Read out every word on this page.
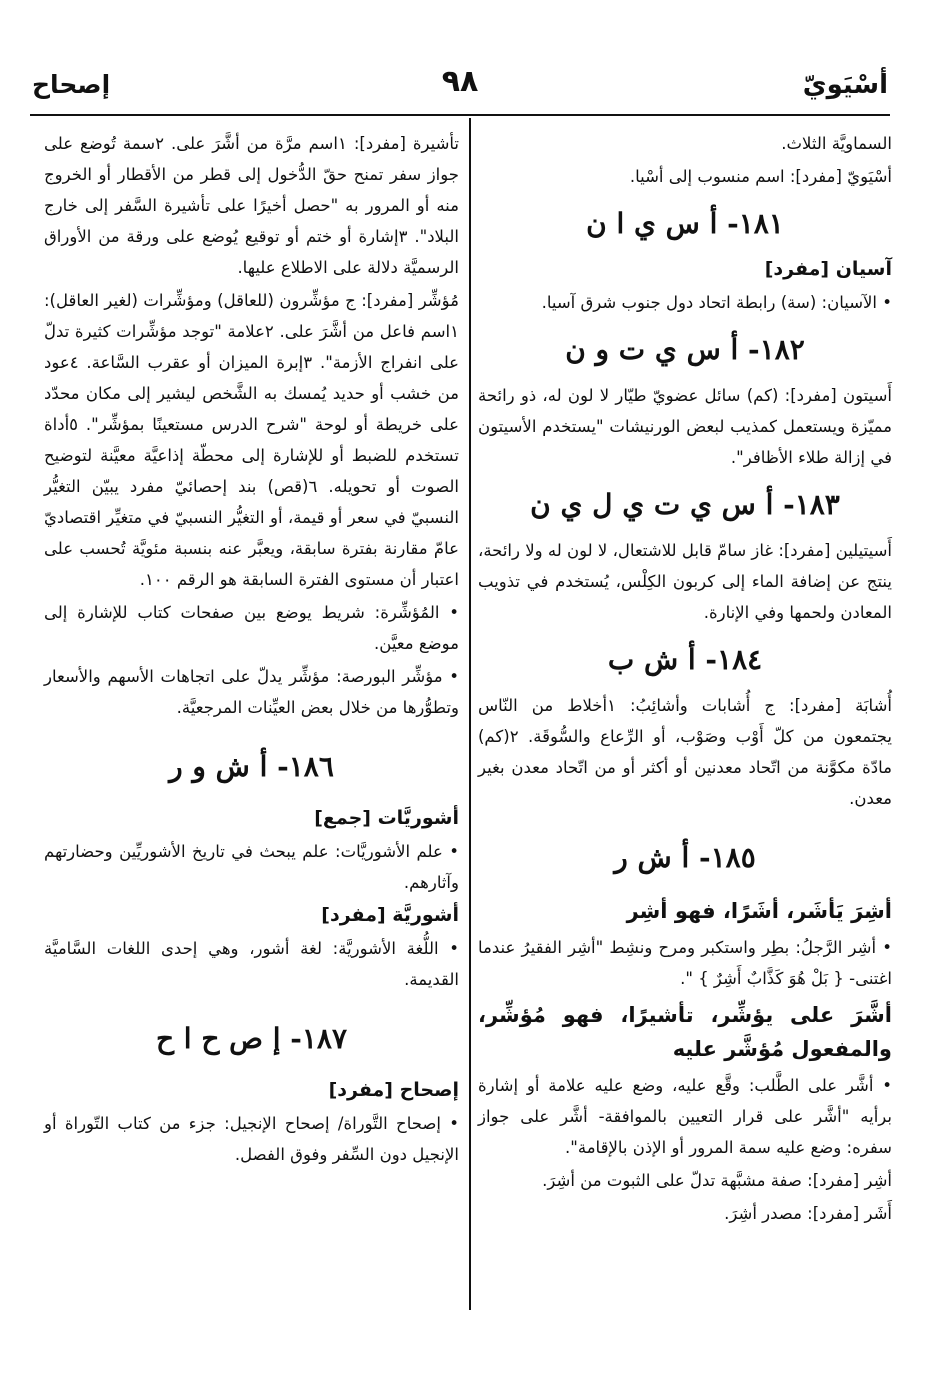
أسْيَويّ
٩٨
إصحاح
السماويَّة الثلاث.
أسْيَويّ [مفرد]: اسم منسوب إلى أسْيا.
١٨١- أ س ي ا ن
آسيان [مفرد]
• الآسيان: (سة) رابطة اتحاد دول جنوب شرق آسيا.
١٨٢- أ س ي ت و ن
أَسيتون [مفرد]: (كم) سائل عضويّ طيّار لا لون له، ذو رائحة مميّزة ويستعمل كمذيب لبعض الورنيشات "يستخدم الأسيتون في إزالة طلاء الأظافر".
١٨٣- أ س ي ت ي ل ي ن
أَسيتيلين [مفرد]: غاز سامّ قابل للاشتعال، لا لون له ولا رائحة، ينتج عن إضافة الماء إلى كربون الكِلْس، يُستخدم في تذويب المعادن ولحمها وفي الإنارة.
١٨٤- أ ش ب
أُشابَة [مفرد]: ج أُشابات وأشائِبُ: ١أخلاط من النّاس يجتمعون من كلّ أَوْب وصَوْب، أو الرِّعاع والسُّوقَة. ٢(كم) مادّة مكوَّنة من اتّحاد معدنين أو أكثر أو من اتّحاد معدن بغير معدن.
١٨٥- أ ش ر
أشِرَ يَأشَر، أشَرًا، فهو أشِر
• أشِر الرَّجلُ: بطِر واستكبر ومرح ونشِط "أشِر الفقيرُ عندما اغتنى- { بَلْ هُوَ كَذَّابٌ أَشِرٌ } ".
أشَّرَ على يؤشِّر، تأشيرًا، فهو مُؤشِّر، والمفعول مُؤشَّر عليه
• أشَّر على الطَّلب: وقَّع عليه، وضع عليه علامة أو إشارة برأيه "أشَّر على قرار التعيين بالموافقة- أشَّر على جواز سفره: وضع عليه سمة المرور أو الإذن بالإقامة".
أشِر [مفرد]: صفة مشبَّهة تدلّ على الثبوت من أشِرَ.
أَشَر [مفرد]: مصدر أشِرَ.
تأشيرة [مفرد]: ١اسم مرَّة من أشَّرَ على. ٢سمة تُوضع على جواز سفر تمنح حقّ الدُّخول إلى قطر من الأقطار أو الخروج منه أو المرور به "حصل أخيرًا على تأشيرة السَّفر إلى خارج البلاد". ٣إشارة أو ختم أو توقيع يُوضع على ورقة من الأوراق الرسميَّة دلالة على الاطلاع عليها.
مُؤشِّر [مفرد]: ج مؤشِّرون (للعاقل) ومؤشِّرات (لغير العاقل): ١اسم فاعل من أشَّرَ على. ٢علامة "توجد مؤشِّرات كثيرة تدلّ على انفراج الأزمة". ٣إبرة الميزان أو عقرب السَّاعة. ٤عود من خشب أو حديد يُمسك به الشَّخص ليشير إلى مكان محدّد على خريطة أو لوحة "شرح الدرس مستعينًا بمؤشِّر". ٥أداة تستخدم للضبط أو للإشارة إلى محطّة إذاعيَّة معيَّنة لتوضيح الصوت أو تحويله. ٦(قص) بند إحصائيّ مفرد يبيّن التغيُّر النسبيّ في سعر أو قيمة، أو التغيُّر النسبيّ في متغيِّر اقتصاديّ عامّ مقارنة بفترة سابقة، ويعبَّر عنه بنسبة مئويَّة تُحسب على اعتبار أن مستوى الفترة السابقة هو الرقم ١٠٠.
• المُؤشِّرة: شريط يوضع بين صفحات كتاب للإشارة إلى موضع معيَّن.
• مؤشِّر البورصة: مؤشِّر يدلّ على اتجاهات الأسهم والأسعار وتطوُّرها من خلال بعض العيِّنات المرجعيَّة.
١٨٦- أ ش و ر
أشوريَّات [جمع]
• علم الأشوريَّات: علم يبحث في تاريخ الأشوريِّين وحضارتهم وآثارهم.
أشوريَّة [مفرد]
• اللُّغة الأشوريَّة: لغة أشور، وهي إحدى اللغات السَّاميَّة القديمة.
١٨٧- إ ص ح ا ح
إصحاح [مفرد]
• إصحاح التَّوراة/ إصحاح الإنجيل: جزء من كتاب التّوراة أو الإنجيل دون السِّفر وفوق الفصل.
